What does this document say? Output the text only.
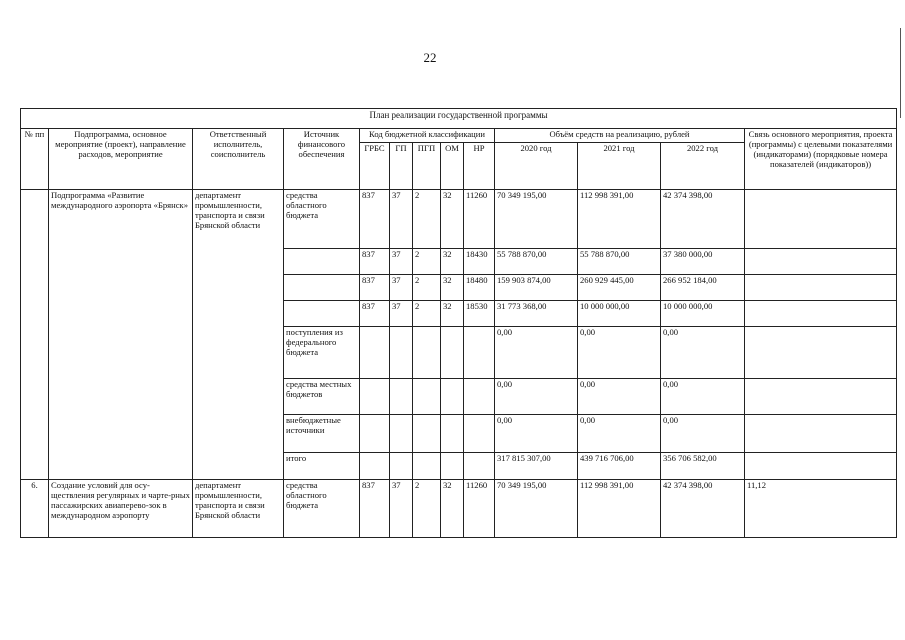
22
План реализации государственной программы												
№ пп	Подпрограмма, основное мероприятие (проект), направление расходов, мероприятие	Ответственный исполнитель, соисполнитель	Источник финансового обеспечения	Код бюджетной классификации					Объём средств на реализацию, рублей			Связь основного мероприятия, проекта (программы) с целевыми показателями (индикаторами) (порядковые номера показателей (индикаторов))
				ГРБС	ГП	ПГП	ОМ	НР	2020 год	2021 год	2022 год	
	Подпрограмма «Развитие международного аэропорта «Брянск»	департамент промышленности, транспорта и связи Брянской области	средства областного бюджета	837	37	2	32	11260	70 349 195,00	112 998 391,00	42 374 398,00	
				837	37	2	32	18430	55 788 870,00	55 788 870,00	37 380 000,00	
				837	37	2	32	18480	159 903 874,00	260 929 445,00	266 952 184,00	
				837	37	2	32	18530	31 773 368,00	10 000 000,00	10 000 000,00	
			поступления из федерального бюджета						0,00	0,00	0,00	
			средства местных бюджетов						0,00	0,00	0,00	
			внебюджетные источники						0,00	0,00	0,00	
			итого						317 815 307,00	439 716 706,00	356 706 582,00	
6.	Создание условий для осу-ществления регулярных и чарте-рных пассажирских авиаперево-зок в международном аэропорту	департамент промышленности, транспорта и связи Брянской области	средства областного бюджета	837	37	2	32	11260	70 349 195,00	112 998 391,00	42 374 398,00	11,12
